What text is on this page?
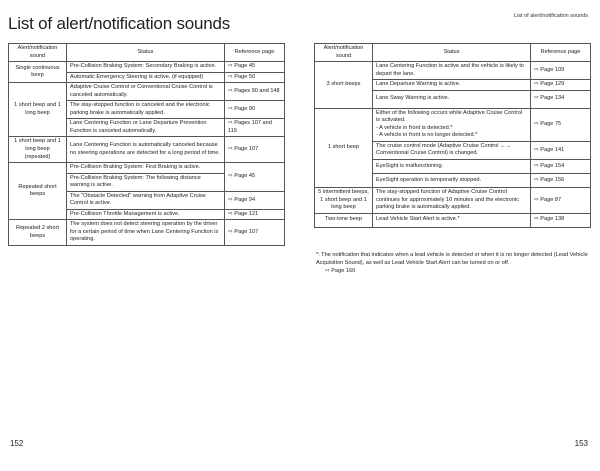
List of alert/notification sounds	List of alert/notification sounds
Alert/notification sound	Status	Reference page
Single continuous beep	Pre-Collision Braking System: Secondary Braking is active.	⇨ Page 45
	Automatic Emergency Steering is active. (if equipped)	⇨ Page 50
1 short beep and 1 long beep	Adaptive Cruise Control or Conventional Cruise Control is canceled automatically.	⇨ Pages 90 and 148
	The stay-stopped function is canceled and the electronic parking brake is automatically applied.	⇨ Page 90
	Lane Centering Function or Lane Departure Prevention Function is canceled automatically.	⇨ Pages 107 and 119
1 short beep and 1 long beep (repeated)	Lane Centering Function is automatically canceled because no steering operations are detected for a long period of time.	⇨ Page 107
Repeated short beeps	Pre-Collision Braking System: First Braking is active.	⇨ Page 45
	Pre-Collision Braking System: The following distance warning is active.	
	The "Obstacle Detected" warning from Adaptive Cruise Control is active.	⇨ Page 94
	Pre-Collision Throttle Management is active.	⇨ Page 121
Repeated 2 short beeps	The system does not detect steering operation by the driver for a certain period of time when Lane Centering Function is operating.	⇨ Page 107
Alert/notification sound	Status	Reference page
3 short beeps	Lane Centering Function is active and the vehicle is likely to depart the lane.	⇨ Page 109
	Lane Departure Warning is active.	⇨ Page 129
	Lane Sway Warning is active.	⇨ Page 134
1 short beep	Either of the following occurs while Adaptive Cruise Control is activated.
- A vehicle in front is detected.*
- A vehicle in front is no longer detected.*	⇨ Page 75
	The cruise control mode (Adaptive Cruise Control ←→ Conventional Cruise Control) is changed.	⇨ Page 141
	EyeSight is malfunctioning.	⇨ Page 154
	EyeSight operation is temporarily stopped.	⇨ Page 156
5 intermittent beeps, 1 short beep and 1 long beep	The stay-stopped function of Adaptive Cruise Control continues for approximately 10 minutes and the electronic parking brake is automatically applied.	⇨ Page 87
Two-tone beep	Lead Vehicle Start Alert is active.*	⇨ Page 138
*: The notification that indicates when a lead vehicle is detected or when it is no longer detected (Lead Vehicle Acquisition Sound), as well as Lead Vehicle Start Alert can be turned on or off.
⇨ Page 160
152	153
